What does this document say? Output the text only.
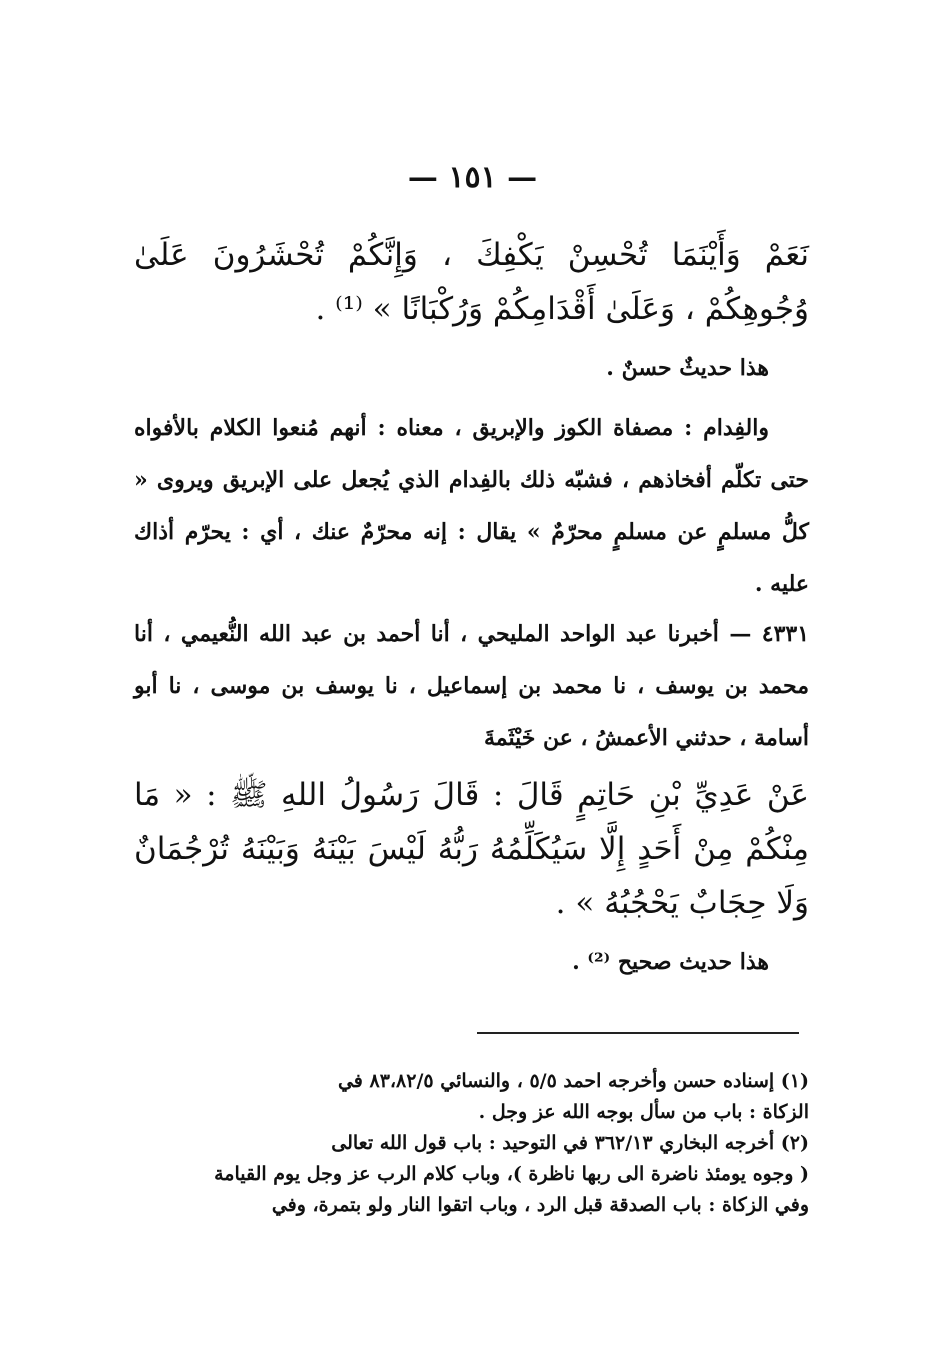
— ١٥١ —

نَعَمْ وَأَيْنَمَا تُحْسِنْ يَكْفِكَ ، وَإِنَّكُمْ تُحْشَرُونَ عَلَىٰ وُجُوهِكُمْ ، وَعَلَىٰ أَقْدَامِكُمْ وَرُكْبَانًا » ⁽¹⁾ .

هذا حديثٌ حسنٌ .

والفِدام : مصفاة الكوز والإبريق ، معناه : أنهم مُنعوا الكلام بالأفواه حتى تكلّم أفخاذهم ، فشبّه ذلك بالفِدام الذي يُجعل على الإبريق ويروى « كلُّ مسلمٍ عن مسلمٍ محرّمٌ » يقال : إنه محرّمٌ عنك ، أي : يحرّم أذاك عليه .

٤٣٣١ — أخبرنا عبد الواحد المليحي ، أنا أحمد بن عبد الله النُّعيمي ، أنا محمد بن يوسف ، نا محمد بن إسماعيل ، نا يوسف بن موسى ، نا أبو أسامة ، حدثني الأعمشُ ، عن خَيْثَمةَ

عَنْ عَدِيِّ بْنِ حَاتِمٍ قَالَ : قَالَ رَسُولُ اللهِ ﷺ : « مَا مِنْكُمْ مِنْ أَحَدٍ إِلَّا سَيُكَلِّمُهُ رَبُّهُ لَيْسَ بَيْنَهُ وَبَيْنَهُ تُرْجُمَانٌ وَلَا حِجَابٌ يَحْجُبُهُ » .

هذا حديث صحيح ⁽²⁾ .

(١) إسناده حسن وأخرجه احمد ٥/٥ ، والنسائي ٨٣،٨٢/٥ في

الزكاة : باب من سأل بوجه الله عز وجل .

(٢) أخرجه البخاري ٣٦٢/١٣ في التوحيد : باب قول الله تعالى

( وجوه يومئذ ناضرة الى ربها ناظرة )، وباب كلام الرب عز وجل يوم القيامة

وفي الزكاة : باب الصدقة قبل الرد ، وباب اتقوا النار ولو بتمرة، وفي
